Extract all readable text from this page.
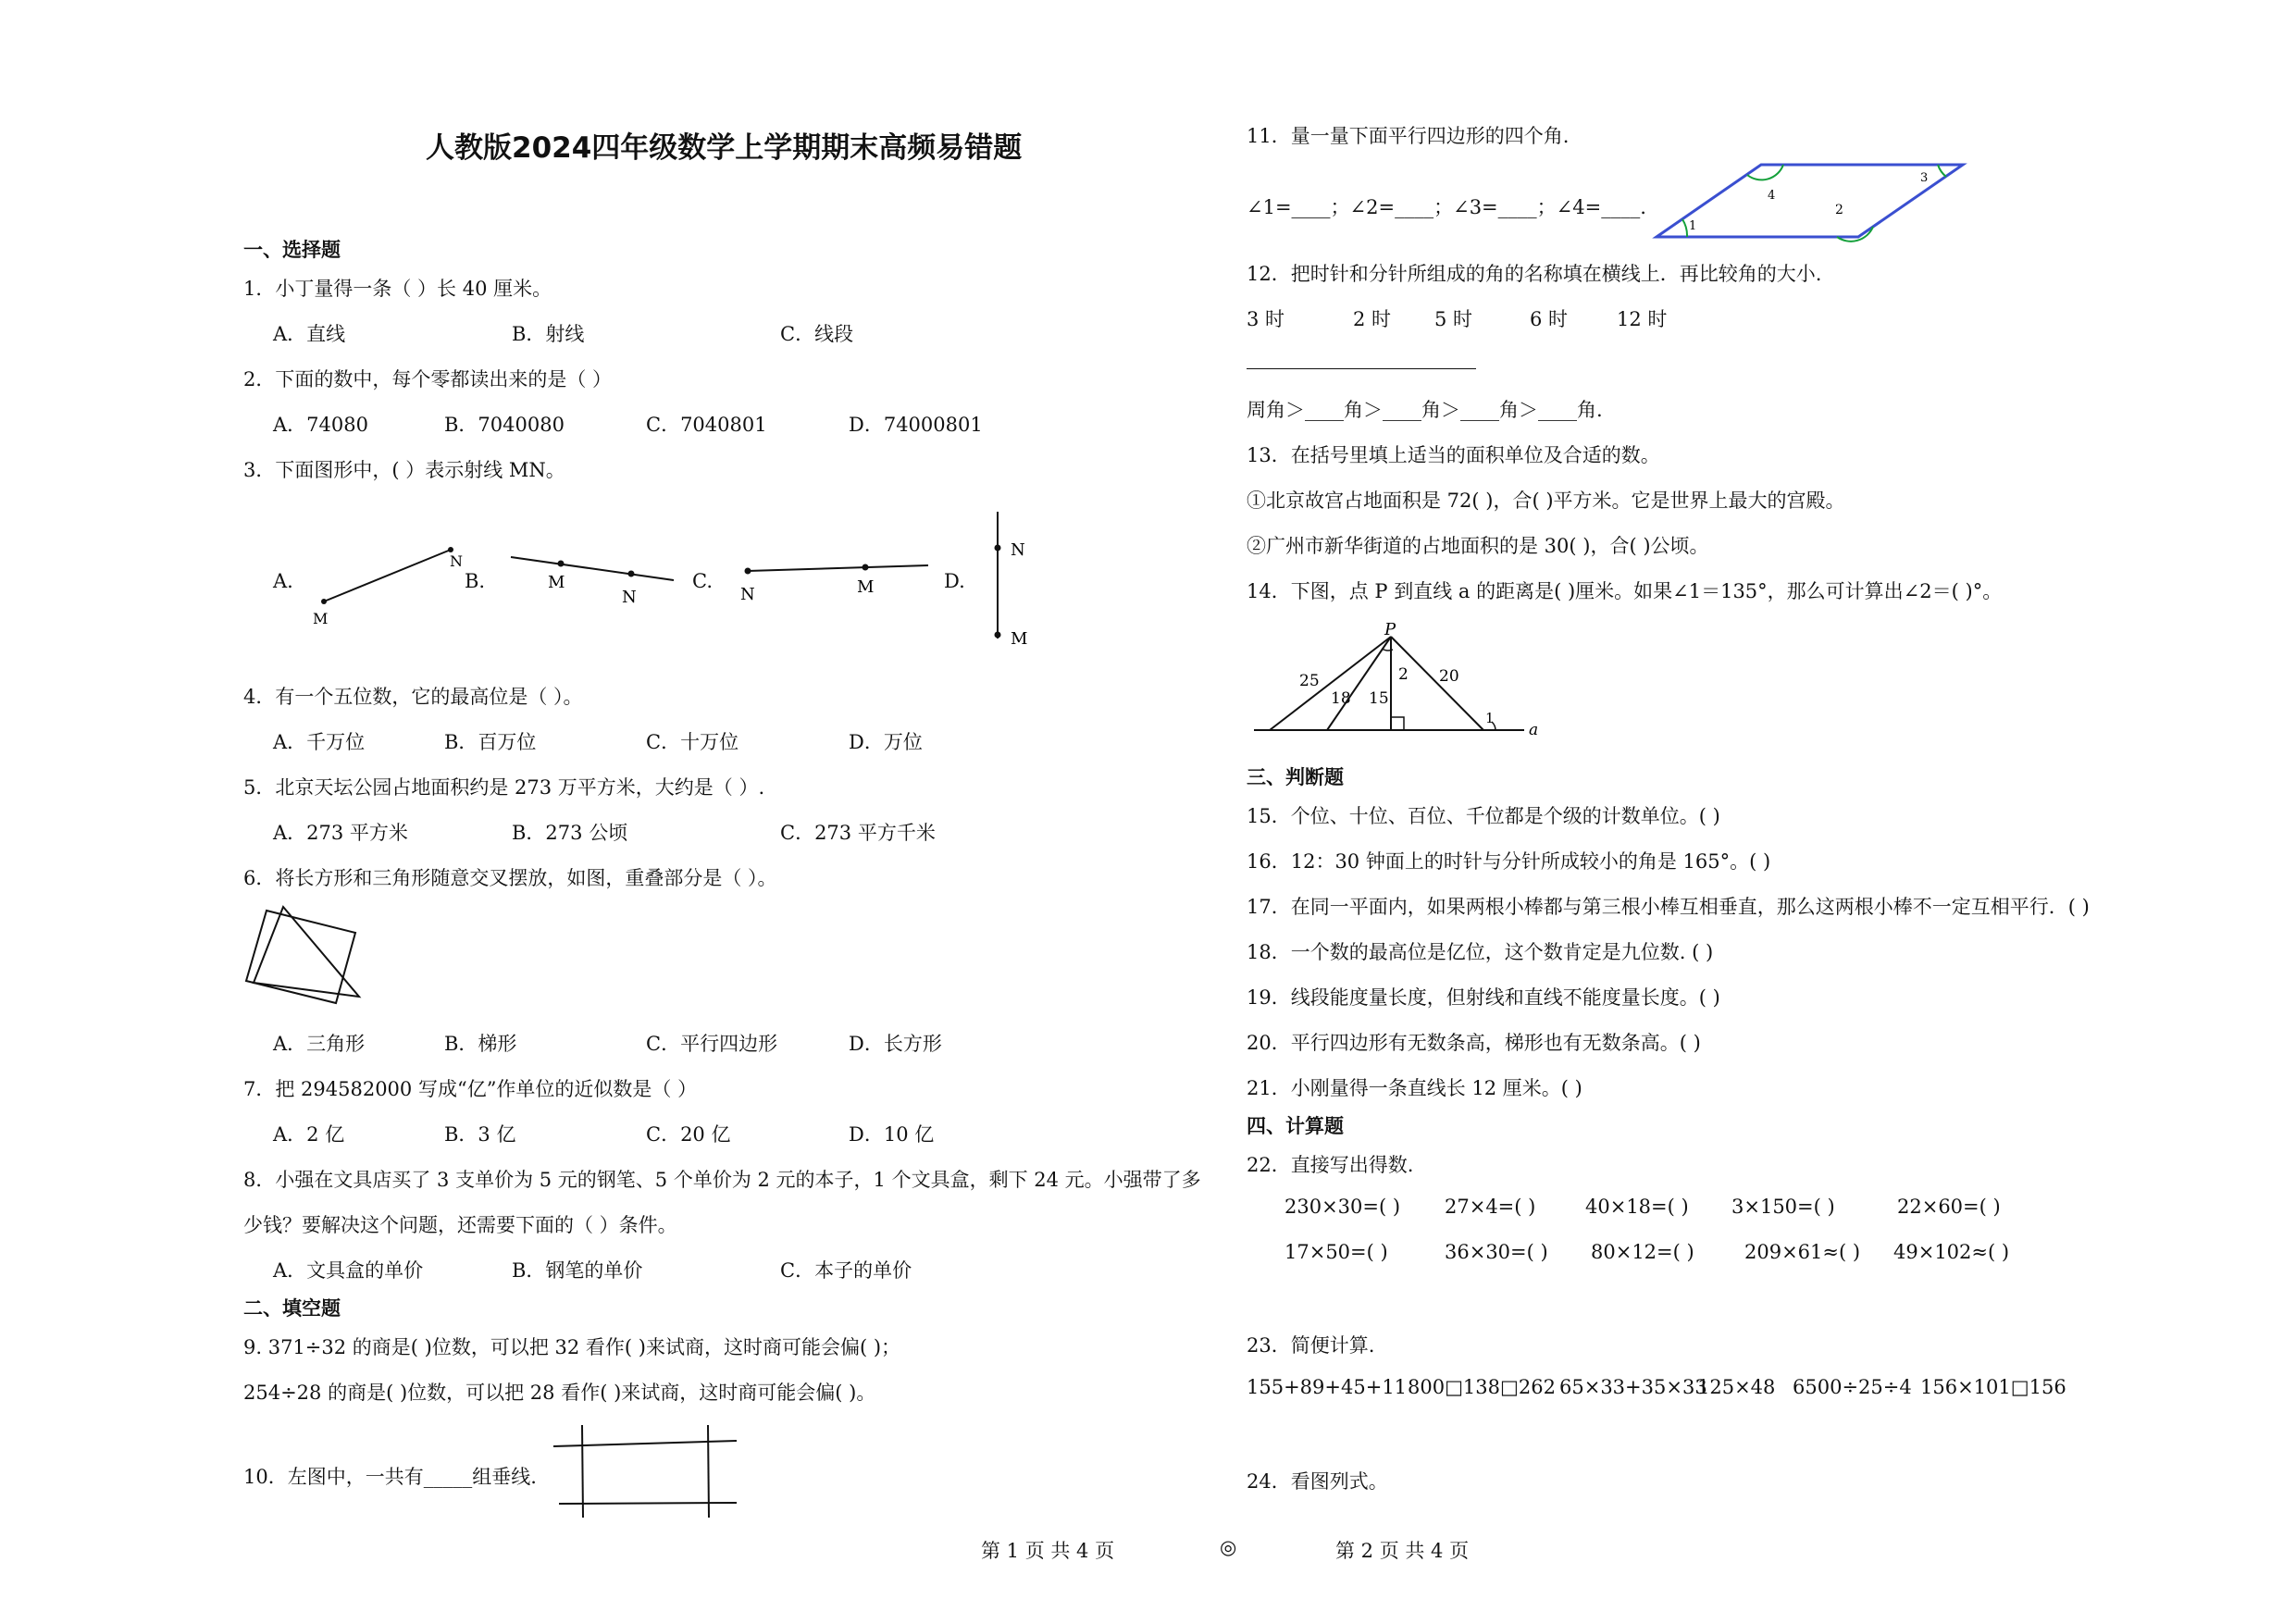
人教版2024四年级数学上学期期末高频易错题
一、选择题
1．小丁量得一条（ ）长 40 厘米。
A．直线	B．射线	C．线段
2．下面的数中，每个零都读出来的是（ ）
A．74080	B．7040080	C．7040801	D．74000801
3．下面图形中，( ）表示射线 MN。
A.	B.	C.	D.
M
N
M
N	N	M
N
M
4．有一个五位数，它的最高位是（ ）。
A．千万位	B．百万位	C．十万位	D．万位
5．北京天坛公园占地面积约是 273 万平方米，大约是（ ）.
A．273 平方米	B．273 公顷	C．273 平方千米
6．将长方形和三角形随意交叉摆放，如图，重叠部分是（ ）。
A．三角形	B．梯形	C．平行四边形	D．长方形
7．把 294582000 写成“亿”作单位的近似数是（ ）
A．2 亿	B．3 亿	C．20 亿	D．10 亿
8．小强在文具店买了 3 支单价为 5 元的钢笔、5 个单价为 2 元的本子，1 个文具盒，剩下 24 元。小强带了多
少钱？要解决这个问题，还需要下面的（ ）条件。
A．文具盒的单价	B．钢笔的单价	C．本子的单价
二、填空题
9. 371÷32 的商是( )位数，可以把 32 看作( )来试商，这时商可能会偏( )；
254÷28 的商是( )位数，可以把 28 看作( )来试商，这时商可能会偏( )。
10．左图中，一共有_____组垂线.
11．量一量下面平行四边形的四个角.
∠1=____；∠2=____；∠3=____；∠4=____.
1
2
3
4
12．把时针和分针所组成的角的名称填在横线上．再比较角的大小.
3 时	2 时 5 时	6 时	12 时
周角＞____角＞____角＞____角＞____角.
13．在括号里填上适当的面积单位及合适的数。
①北京故宫占地面积是 72( )，合( )平方米。它是世界上最大的宫殿。
②广州市新华街道的占地面积的是 30( )，合( )公顷。
14．下图，点 P 到直线 a 的距离是( )厘米。如果∠1＝135°，那么可计算出∠2＝( )°。
P
a
25
18 15
2 20
1
三、判断题
15．个位、十位、百位、千位都是个级的计数单位。( )
16．12：30 钟面上的时针与分针所成较小的角是 165°。( )
17．在同一平面内，如果两根小棒都与第三根小棒互相垂直，那么这两根小棒不一定互相平行．( )
18．一个数的最高位是亿位，这个数肯定是九位数. ( )
19．线段能度量长度，但射线和直线不能度量长度。( )
20．平行四边形有无数条高，梯形也有无数条高。( )
21．小刚量得一条直线长 12 厘米。( )
四、计算题
22．直接写出得数.
230×30=( ) 27×4=( )	40×18=( ) 3×150=( )	22×60=( )
17×50=( )	36×30=( ) 80×12=( )	209×61≈( ) 49×102≈( )
23．简便计算.
155+89+45+11 800□138□262 65×33+35×33
125×48 6500÷25÷4 156×101□156
24．看图列式。
第 1 页 共 4 页	◎	第 2 页 共 4 页
